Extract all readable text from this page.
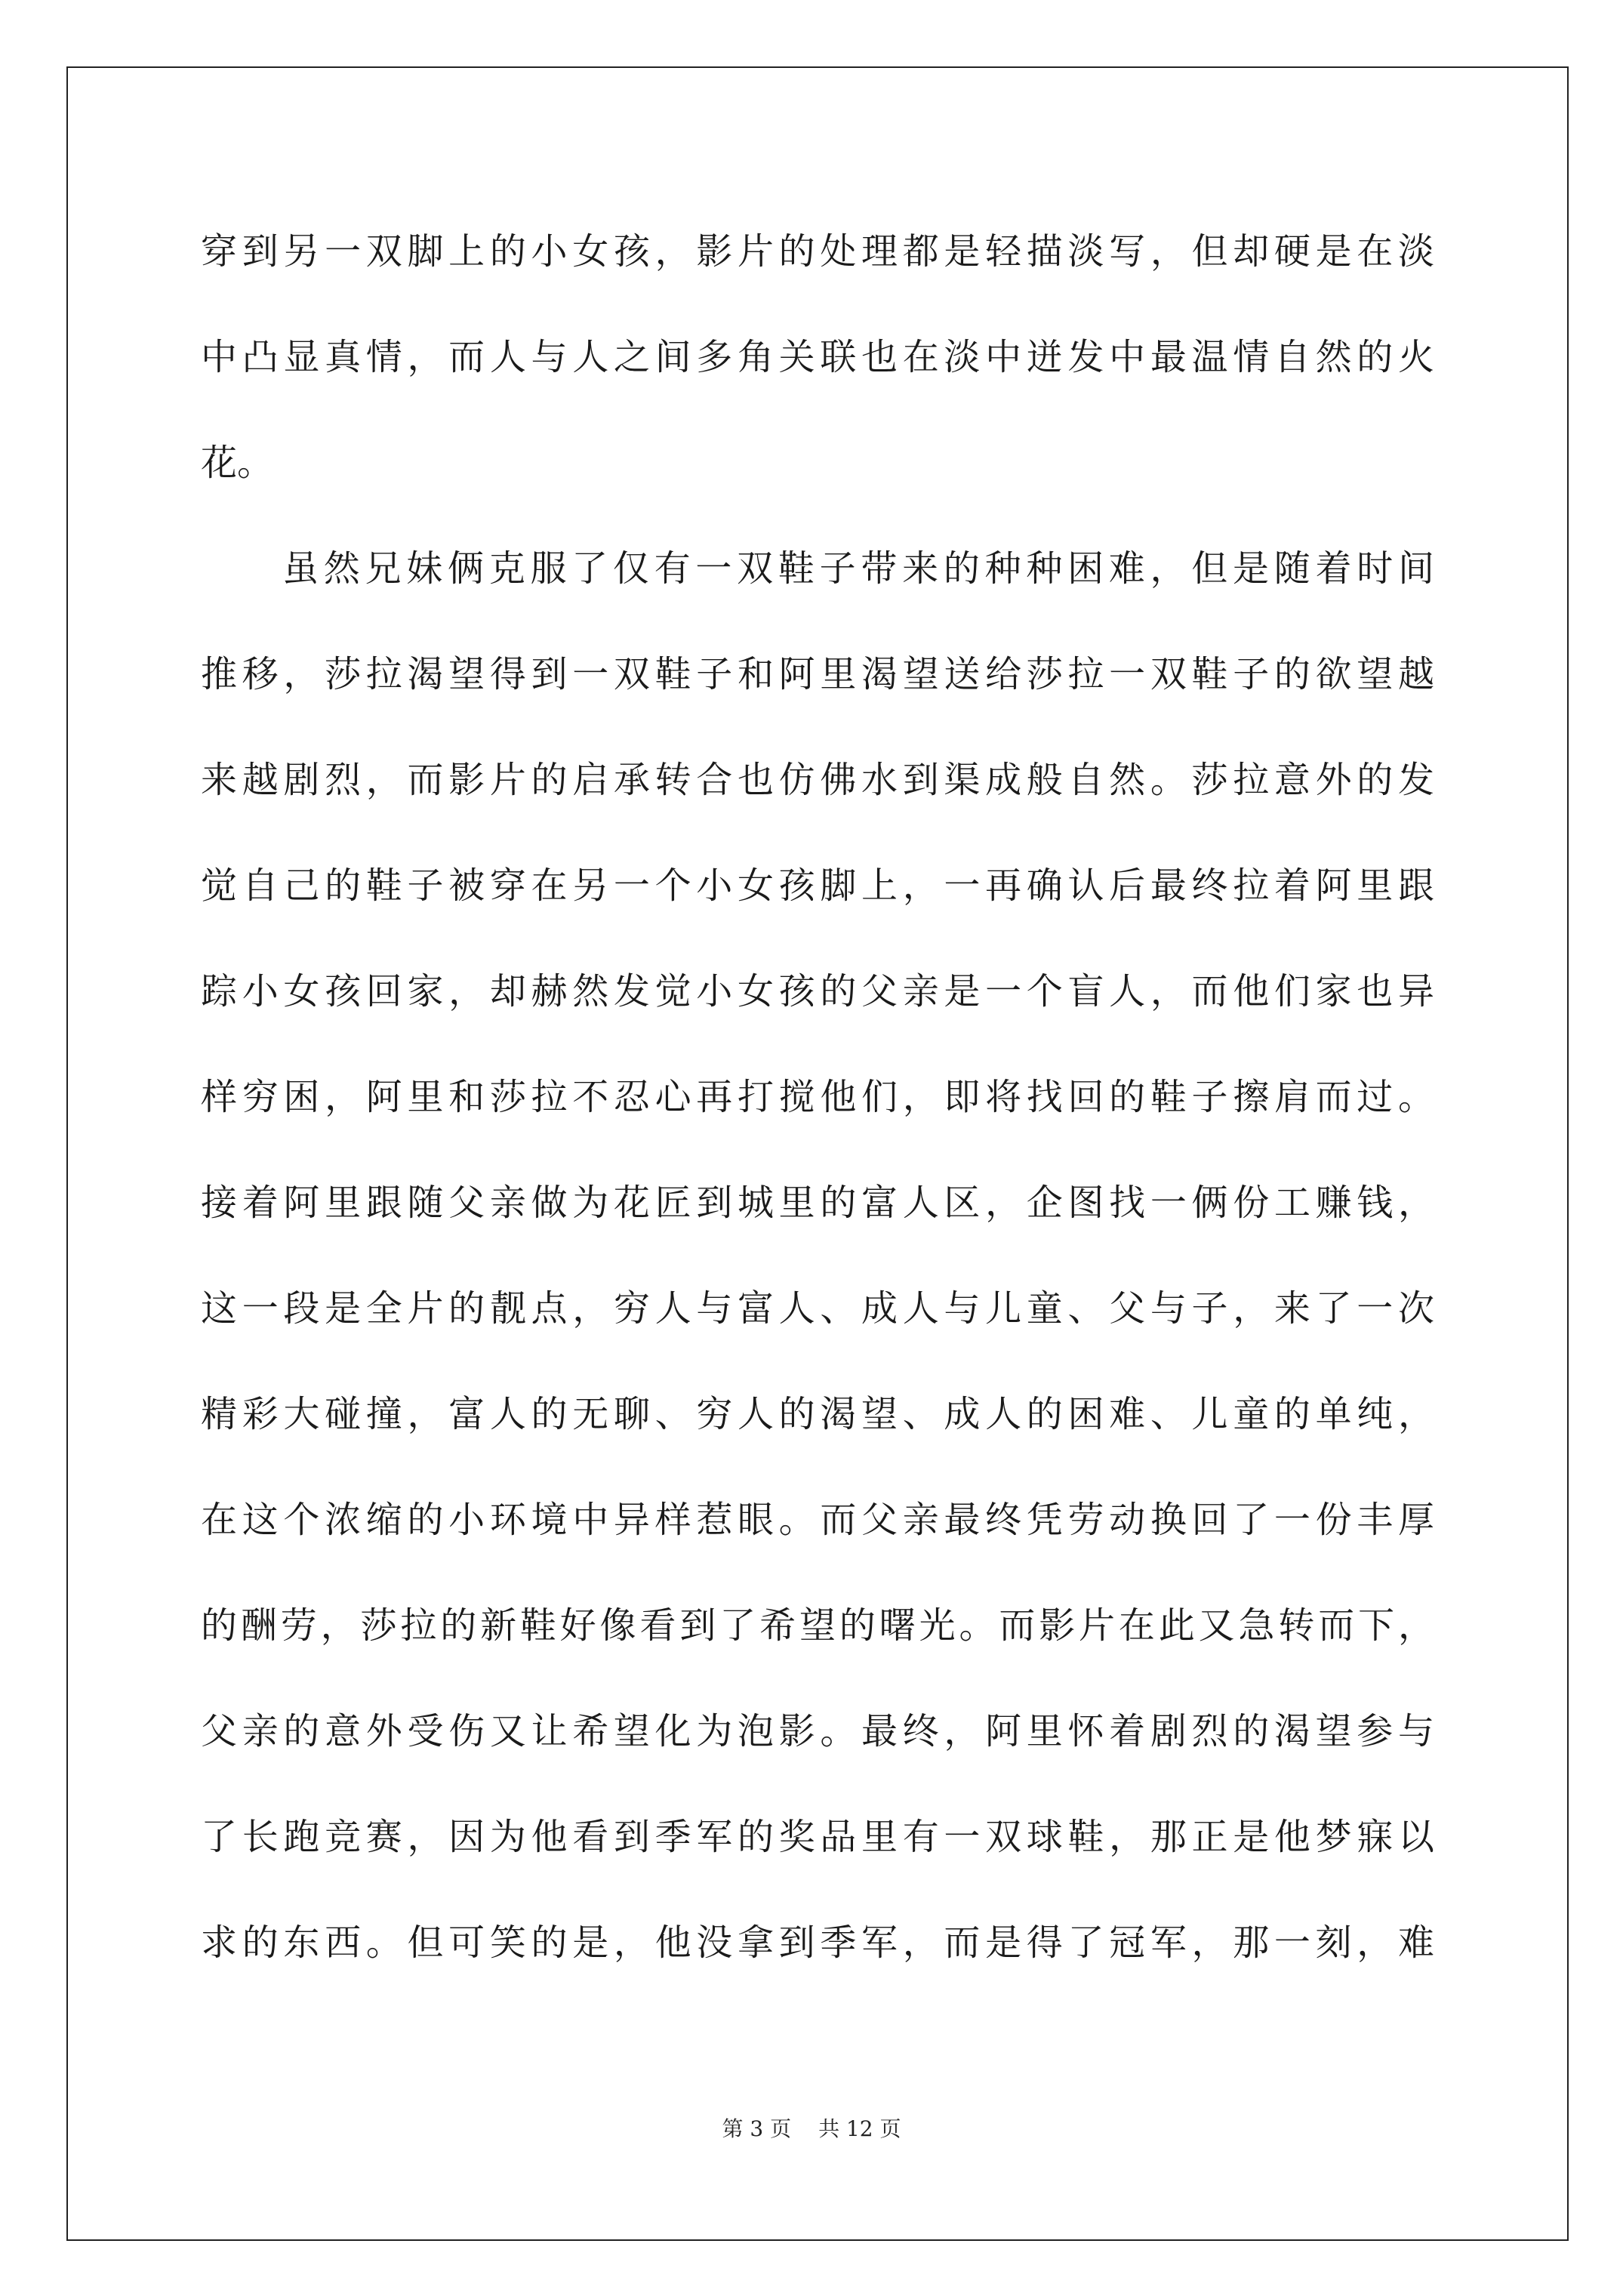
穿到另一双脚上的小女孩，影片的处理都是轻描淡写，但却硬是在淡
中凸显真情，而人与人之间多角关联也在淡中迸发中最温情自然的火
花。
虽然兄妹俩克服了仅有一双鞋子带来的种种困难，但是随着时间
推移，莎拉渴望得到一双鞋子和阿里渴望送给莎拉一双鞋子的欲望越
来越剧烈，而影片的启承转合也仿佛水到渠成般自然。莎拉意外的发
觉自己的鞋子被穿在另一个小女孩脚上，一再确认后最终拉着阿里跟
踪小女孩回家，却赫然发觉小女孩的父亲是一个盲人，而他们家也异
样穷困，阿里和莎拉不忍心再打搅他们，即将找回的鞋子擦肩而过。
接着阿里跟随父亲做为花匠到城里的富人区，企图找一俩份工赚钱，
这一段是全片的靓点，穷人与富人、成人与儿童、父与子，来了一次
精彩大碰撞，富人的无聊、穷人的渴望、成人的困难、儿童的单纯，
在这个浓缩的小环境中异样惹眼。而父亲最终凭劳动换回了一份丰厚
的酬劳，莎拉的新鞋好像看到了希望的曙光。而影片在此又急转而下，
父亲的意外受伤又让希望化为泡影。最终，阿里怀着剧烈的渴望参与
了长跑竞赛，因为他看到季军的奖品里有一双球鞋，那正是他梦寐以
求的东西。但可笑的是，他没拿到季军，而是得了冠军，那一刻，难
第 3 页 共 12 页
